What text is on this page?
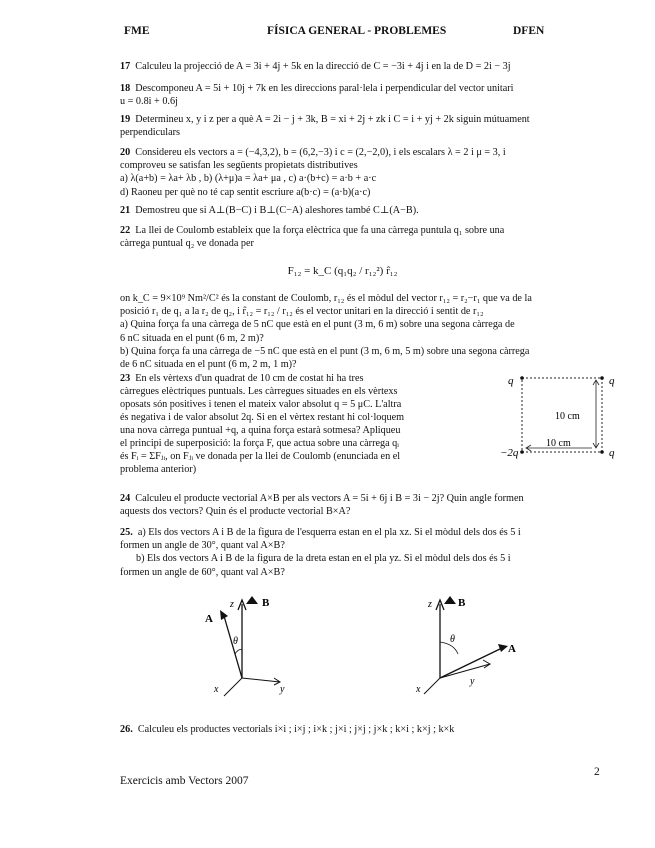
FME	FÍSICA GENERAL - PROBLEMES	DFEN
17 Calculeu la projecció de A = 3i + 4j + 5k en la direcció de C = −3i + 4j i en la de D = 2i − 3j
18 Descomponeu A = 5i + 10j + 7k en les direccions paral·lela i perpendicular del vector unitari
u = 0.8i + 0.6j
19 Determineu x, y i z per a què A = 2i − j + 3k, B = xi + 2j + zk i C = i + yj + 2k siguin mútuament
perpendiculars
20 Considereu els vectors a = (−4,3,2), b = (6,2,−3) i c = (2,−2,0), i els escalars λ = 2 i μ = 3, i
comproveu se satisfan les següents propietats distributives
a) λ(a+b) = λa+ λb , b) (λ+μ)a = λa+ μa , c) a·(b+c) = a·b + a·c
d) Raoneu per què no té cap sentit escriure a(b·c) = (a·b)(a·c)
21 Demostreu que si A⊥(B−C) i B⊥(C−A) aleshores també C⊥(A−B).
22 La llei de Coulomb estableix que la força elèctrica que fa una càrrega puntula q₁ sobre una
càrrega puntual q₂ ve donada per
F₁₂ = k_C (q₁q₂ / r₁₂²) r̂₁₂
on k_C = 9×10⁹ Nm²/C² és la constant de Coulomb, r₁₂ és el mòdul del vector r₁₂ = r₂−r₁ que va de la
posició r₁ de q₁ a la r₂ de q₂, i r̂₁₂ = r₁₂ / r₁₂ és el vector unitari en la direcció i sentit de r₁₂
a) Quina força fa una càrrega de 5 nC que està en el punt (3 m, 6 m) sobre una segona càrrega de
6 nC situada en el punt (6 m, 2 m)?
b) Quina força fa una càrrega de −5 nC que està en el punt (3 m, 6 m, 5 m) sobre una segona càrrega
de 6 nC situada en el punt (6 m, 2 m, 1 m)?
23 En els vèrtexs d'un quadrat de 10 cm de costat hi ha tres
càrregues elèctriques puntuals. Les càrregues situades en els vèrtexs
oposats són positives i tenen el mateix valor absolut q = 5 μC. L'altra
és negativa i de valor absolut 2q. Si en el vèrtex restant hi col·loquem
una nova càrrega puntual +q, a quina força estarà sotmesa? Apliqueu
el principi de superposició: la força F, que actua sobre una càrrega qᵢ
és Fᵢ = ΣFⱼᵢ, on Fⱼᵢ ve donada per la llei de Coulomb (enunciada en el
problema anterior)
q	q
q
−2q
10 cm
10 cm
24 Calculeu el producte vectorial A×B per als vectors A = 5i + 6j i B = 3i − 2j? Quin angle formen
aquests dos vectors? Quin és el producte vectorial B×A?
25. a) Els dos vectors A i B de la figura de l'esquerra estan en el pla xz. Si el mòdul dels dos és 5 i
formen un angle de 30°, quant val A×B?
b) Els dos vectors A i B de la figura de la dreta estan en el pla yz. Si el mòdul dels dos és 5 i
formen un angle de 60°, quant val A×B?
A
B
z
θ
y
x
A
B
z
θ
y
x
26. Calculeu els productes vectorials i×i ; i×j ; i×k ; j×i ; j×j ; j×k ; k×i ; k×j ; k×k
2
Exercicis amb Vectors 2007
